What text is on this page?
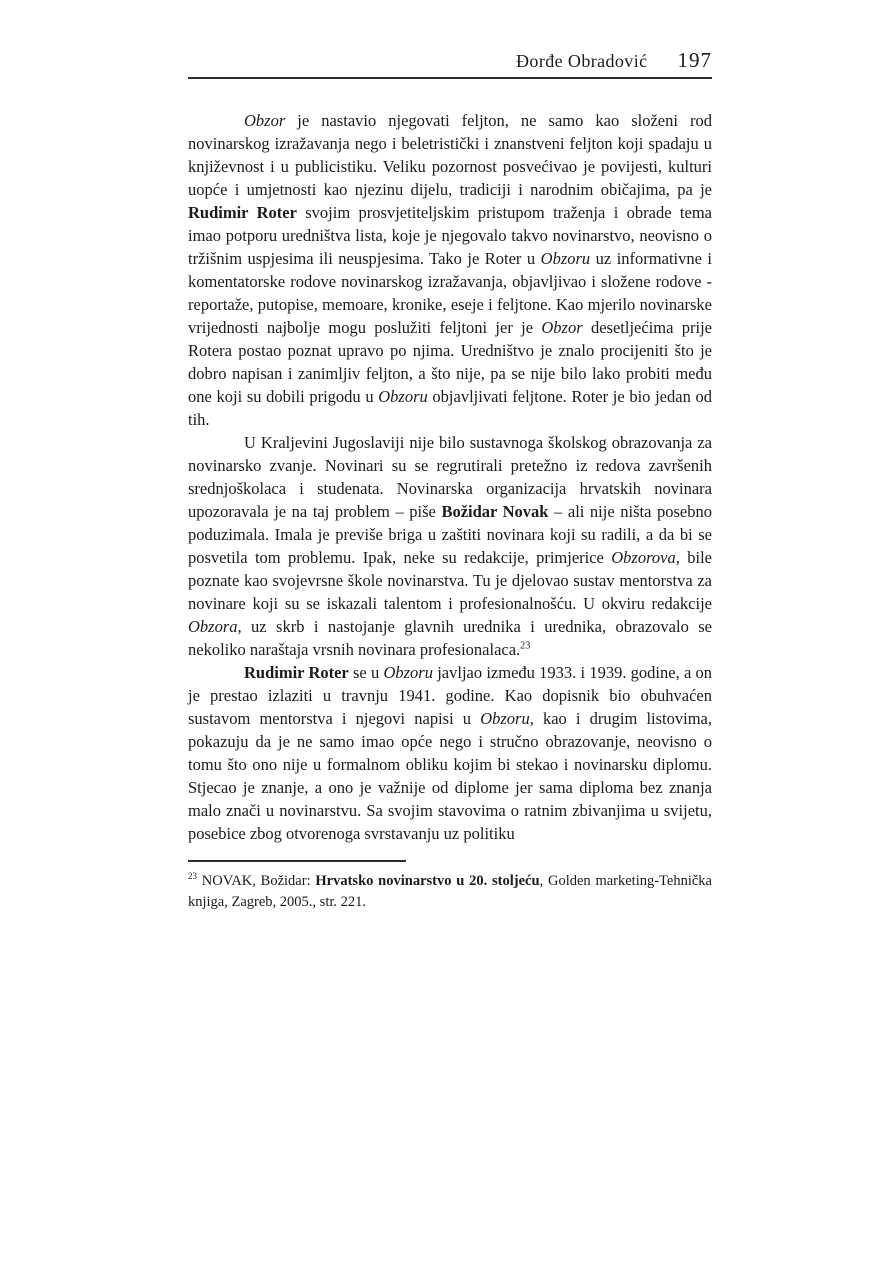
Đorđe Obradović 197

Obzor je nastavio njegovati feljton, ne samo kao složeni rod novinarskog izražavanja nego i beletristički i znanstveni feljton koji spadaju u književnost i u publicistiku. Veliku pozornost posvećivao je povijesti, kulturi uopće i umjetnosti kao njezinu dijelu, tradiciji i narodnim običajima, pa je Rudimir Roter svojim prosvjetiteljskim pristupom traženja i obrade tema imao potporu uredništva lista, koje je njegovalo takvo novinarstvo, neovisno o tržišnim uspjesima ili neuspjesima. Tako je Roter u Obzoru uz informativne i komentatorske rodove novinarskog izražavanja, objavljivao i složene rodove - reportaže, putopise, memoare, kronike, eseje i feljtone. Kao mjerilo novinarske vrijednosti najbolje mogu poslužiti feljtoni jer je Obzor desetljećima prije Rotera postao poznat upravo po njima. Uredništvo je znalo procijeniti što je dobro napisan i zanimljiv feljton, a što nije, pa se nije bilo lako probiti među one koji su dobili prigodu u Obzoru objavljivati feljtone. Roter je bio jedan od tih.

U Kraljevini Jugoslaviji nije bilo sustavnoga školskog obrazovanja za novinarsko zvanje. Novinari su se regrutirali pretežno iz redova završenih srednjoškolaca i studenata. Novinarska organizacija hrvatskih novinara upozoravala je na taj problem – piše Božidar Novak – ali nije ništa posebno poduzimala. Imala je previše briga u zaštiti novinara koji su radili, a da bi se posvetila tom problemu. Ipak, neke su redakcije, primjerice Obzorova, bile poznate kao svojevrsne škole novinarstva. Tu je djelovao sustav mentorstva za novinare koji su se iskazali talentom i profesionalnošću. U okviru redakcije Obzora, uz skrb i nastojanje glavnih urednika i urednika, obrazovalo se nekoliko naraštaja vrsnih novinara profesionalaca.$^{23}$

Rudimir Roter se u Obzoru javljao između 1933. i 1939. godine, a on je prestao izlaziti u travnju 1941. godine. Kao dopisnik bio obuhvaćen sustavom mentorstva i njegovi napisi u Obzoru, kao i drugim listovima, pokazuju da je ne samo imao opće nego i stručno obrazovanje, neovisno o tomu što ono nije u formalnom obliku kojim bi stekao i novinarsku diplomu. Stjecao je znanje, a ono je važnije od diplome jer sama diploma bez znanja malo znači u novinarstvu. Sa svojim stavovima o ratnim zbivanjima u svijetu, posebice zbog otvorenoga svrstavanju uz politiku

$^{23}$ NOVAK, Božidar: Hrvatsko novinarstvo u 20. stoljeću, Golden marketing-Tehnička knjiga, Zagreb, 2005., str. 221.
